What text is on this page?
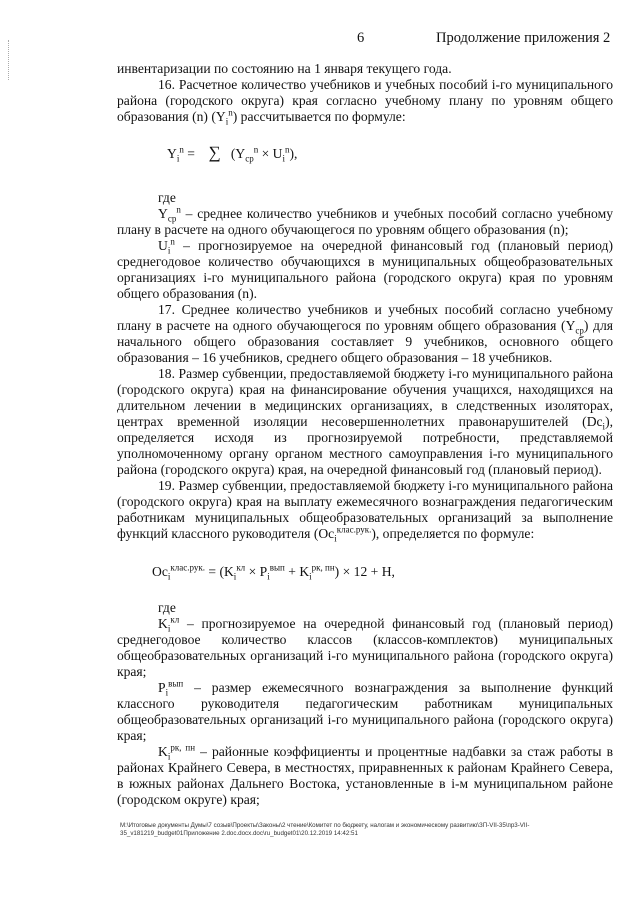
6	Продолжение приложения 2

инвентаризации по состоянию на 1 января текущего года.

16. Расчетное количество учебников и учебных пособий i-го муниципального района (городского округа) края согласно учебному плану по уровням общего образования (n) $(Y_i^n)$ рассчитывается по формуле:

$Y_i^n$ =    ∑ $(Y_{ср}^n \times U_i^n)$,

где

$Y_{ср}^n$ – среднее количество учебников и учебных пособий согласно учебному плану в расчете на одного обучающегося по уровням общего образования (n);

$U_i^n$ – прогнозируемое на очередной финансовый год (плановый период) среднегодовое количество обучающихся в муниципальных общеобразовательных организациях i-го муниципального района (городского округа) края по уровням общего образования (n).

17. Среднее количество учебников и учебных пособий согласно учебному плану в расчете на одного обучающегося по уровням общего образования $(Y_{ср})$ для начального общего образования составляет 9 учебников, основного общего образования – 16 учебников, среднего общего образования – 18 учебников.

18. Размер субвенции, предоставляемой бюджету i-го муниципального района (городского округа) края на финансирование обучения учащихся, находящихся на длительном лечении в медицинских организациях, в следственных изоляторах, центрах временной изоляции несовершеннолетних правонарушителей $(Dc_i)$, определяется исходя из прогнозируемой потребности, представляемой уполномоченному органу органом местного самоуправления i-го муниципального района (городского округа) края, на очередной финансовый год (плановый период).

19. Размер субвенции, предоставляемой бюджету i-го муниципального района (городского округа) края на выплату ежемесячного вознаграждения педагогическим работникам муниципальных общеобразовательных организаций за выполнение функций классного руководителя $(Oc_i^{клас.рук.})$, определяется по формуле:

$Oc_i^{клас.рук.} = (K_i^{кл} \times P_i^{вып} + K_i^{рк, пн}) \times 12 + H$,

где

$K_i^{кл}$ – прогнозируемое на очередной финансовый год (плановый период) среднегодовое количество классов (классов-комплектов) муниципальных общеобразовательных организаций i-го муниципального района (городского округа) края;

$P_i^{вып}$ – размер ежемесячного вознаграждения за выполнение функций классного руководителя педагогическим работникам муниципальных общеобразовательных организаций i-го муниципального района (городского округа) края;

$K_i^{рк, пн}$ – районные коэффициенты и процентные надбавки за стаж работы в районах Крайнего Севера, в местностях, приравненных к районам Крайнего Севера, в южных районах Дальнего Востока, установленные в i-м муниципальном районе (городском округе) края;

M:\Итоговые документы Думы\7 созыв\Проекты\Законы\2 чтение\Комитет по бюджету, налогам и экономическому развитию\ЗП-VII-35\пр3-VII-
35_v181219_budget01Приложение 2.doc.docx.doc\ru_budget01\20.12.2019 14:42:51
